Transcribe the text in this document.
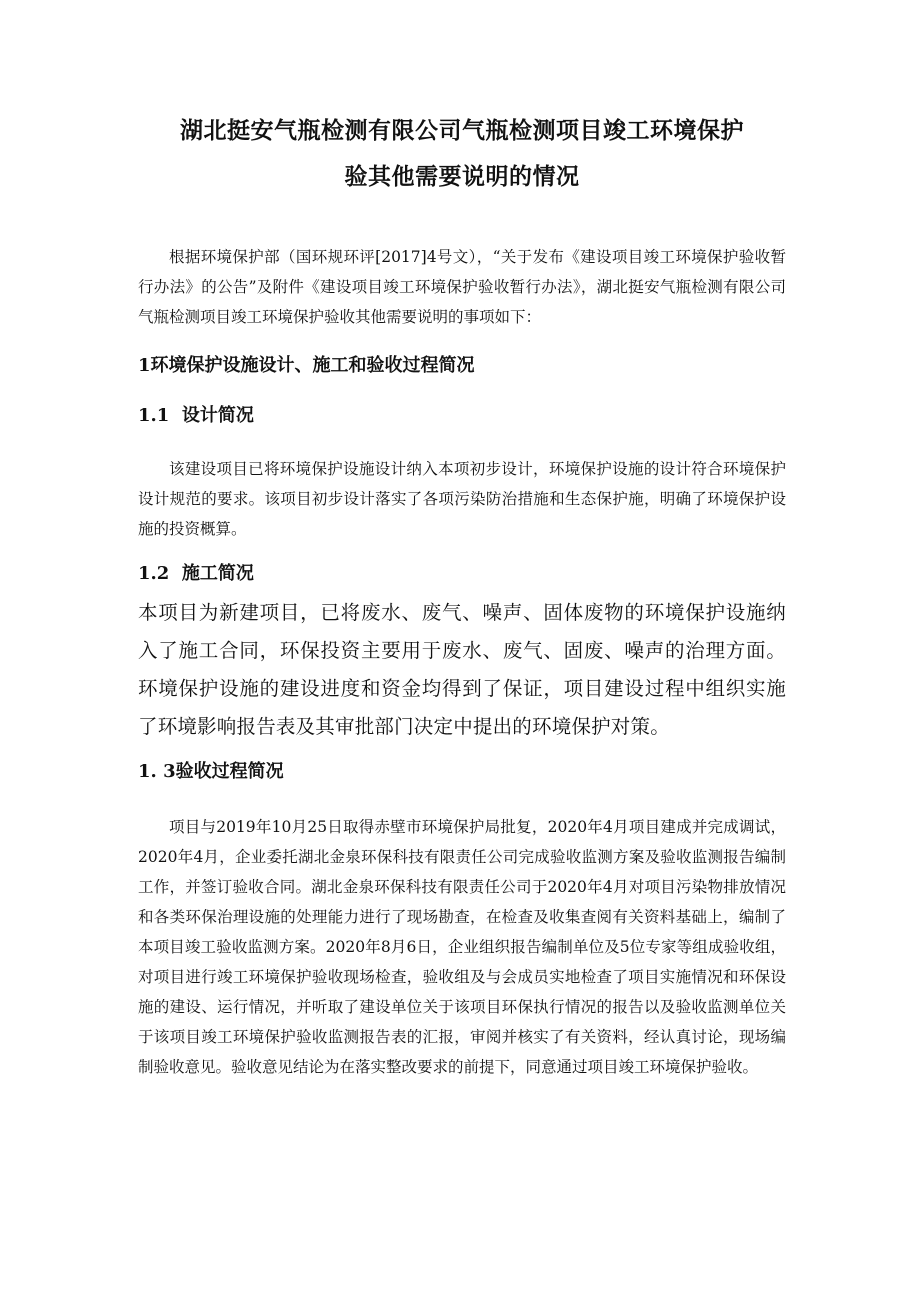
湖北挺安气瓶检测有限公司气瓶检测项目竣工环境保护
验其他需要说明的情况

根据环境保护部（国环规环评[2017]4号文），“关于发布《建设项目竣工环境保护验收暂行办法》的公告”及附件《建设项目竣工环境保护验收暂行办法》，湖北挺安气瓶检测有限公司气瓶检测项目竣工环境保护验收其他需要说明的事项如下：

1环境保护设施设计、施工和验收过程简况
1.1 设计简况

该建设项目已将环境保护设施设计纳入本项初步设计，环境保护设施的设计符合环境保护设计规范的要求。该项目初步设计落实了各项污染防治措施和生态保护施，明确了环境保护设施的投资概算。

1.2 施工简况

本项目为新建项目，已将废水、废气、噪声、固体废物的环境保护设施纳入了施工合同，环保投资主要用于废水、废气、固废、噪声的治理方面。环境保护设施的建设进度和资金均得到了保证，项目建设过程中组织实施了环境影响报告表及其审批部门决定中提出的环境保护对策。

1. 3验收过程简况

项目与2019年10月25日取得赤壁市环境保护局批复，2020年4月项目建成并完成调试，2020年4月，企业委托湖北金泉环保科技有限责任公司完成验收监测方案及验收监测报告编制工作，并签订验收合同。湖北金泉环保科技有限责任公司于2020年4月对项目污染物排放情况和各类环保治理设施的处理能力进行了现场勘查，在检查及收集查阅有关资料基础上，编制了本项目竣工验收监测方案。2020年8月6日，企业组织报告编制单位及5位专家等组成验收组，对项目进行竣工环境保护验收现场检查，验收组及与会成员实地检查了项目实施情况和环保设施的建设、运行情况，并听取了建设单位关于该项目环保执行情况的报告以及验收监测单位关于该项目竣工环境保护验收监测报告表的汇报，审阅并核实了有关资料，经认真讨论，现场编制验收意见。验收意见结论为在落实整改要求的前提下，同意通过项目竣工环境保护验收。
